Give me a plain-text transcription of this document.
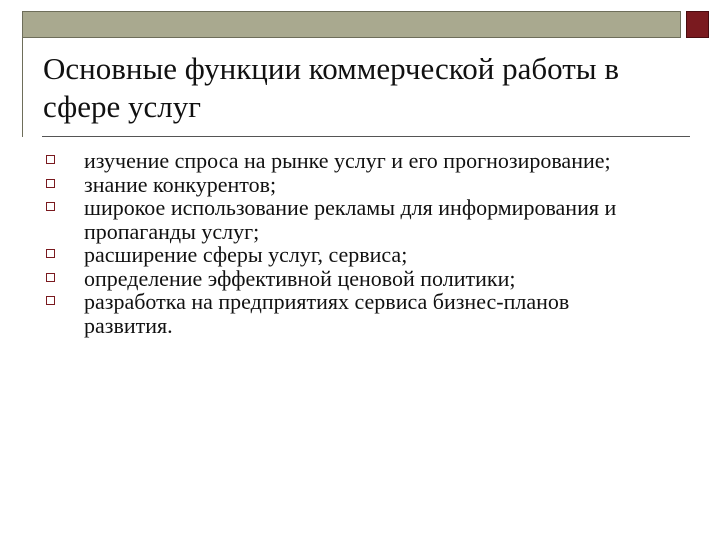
Основные функции коммерческой работы в сфере услуг
изучение спроса на рынке услуг и его прогнозирование;
знание конкурентов;
широкое использование рекламы для информирования и пропаганды услуг;
расширение сферы услуг, сервиса;
определение эффективной ценовой политики;
разработка на предприятиях сервиса бизнес-планов развития.
